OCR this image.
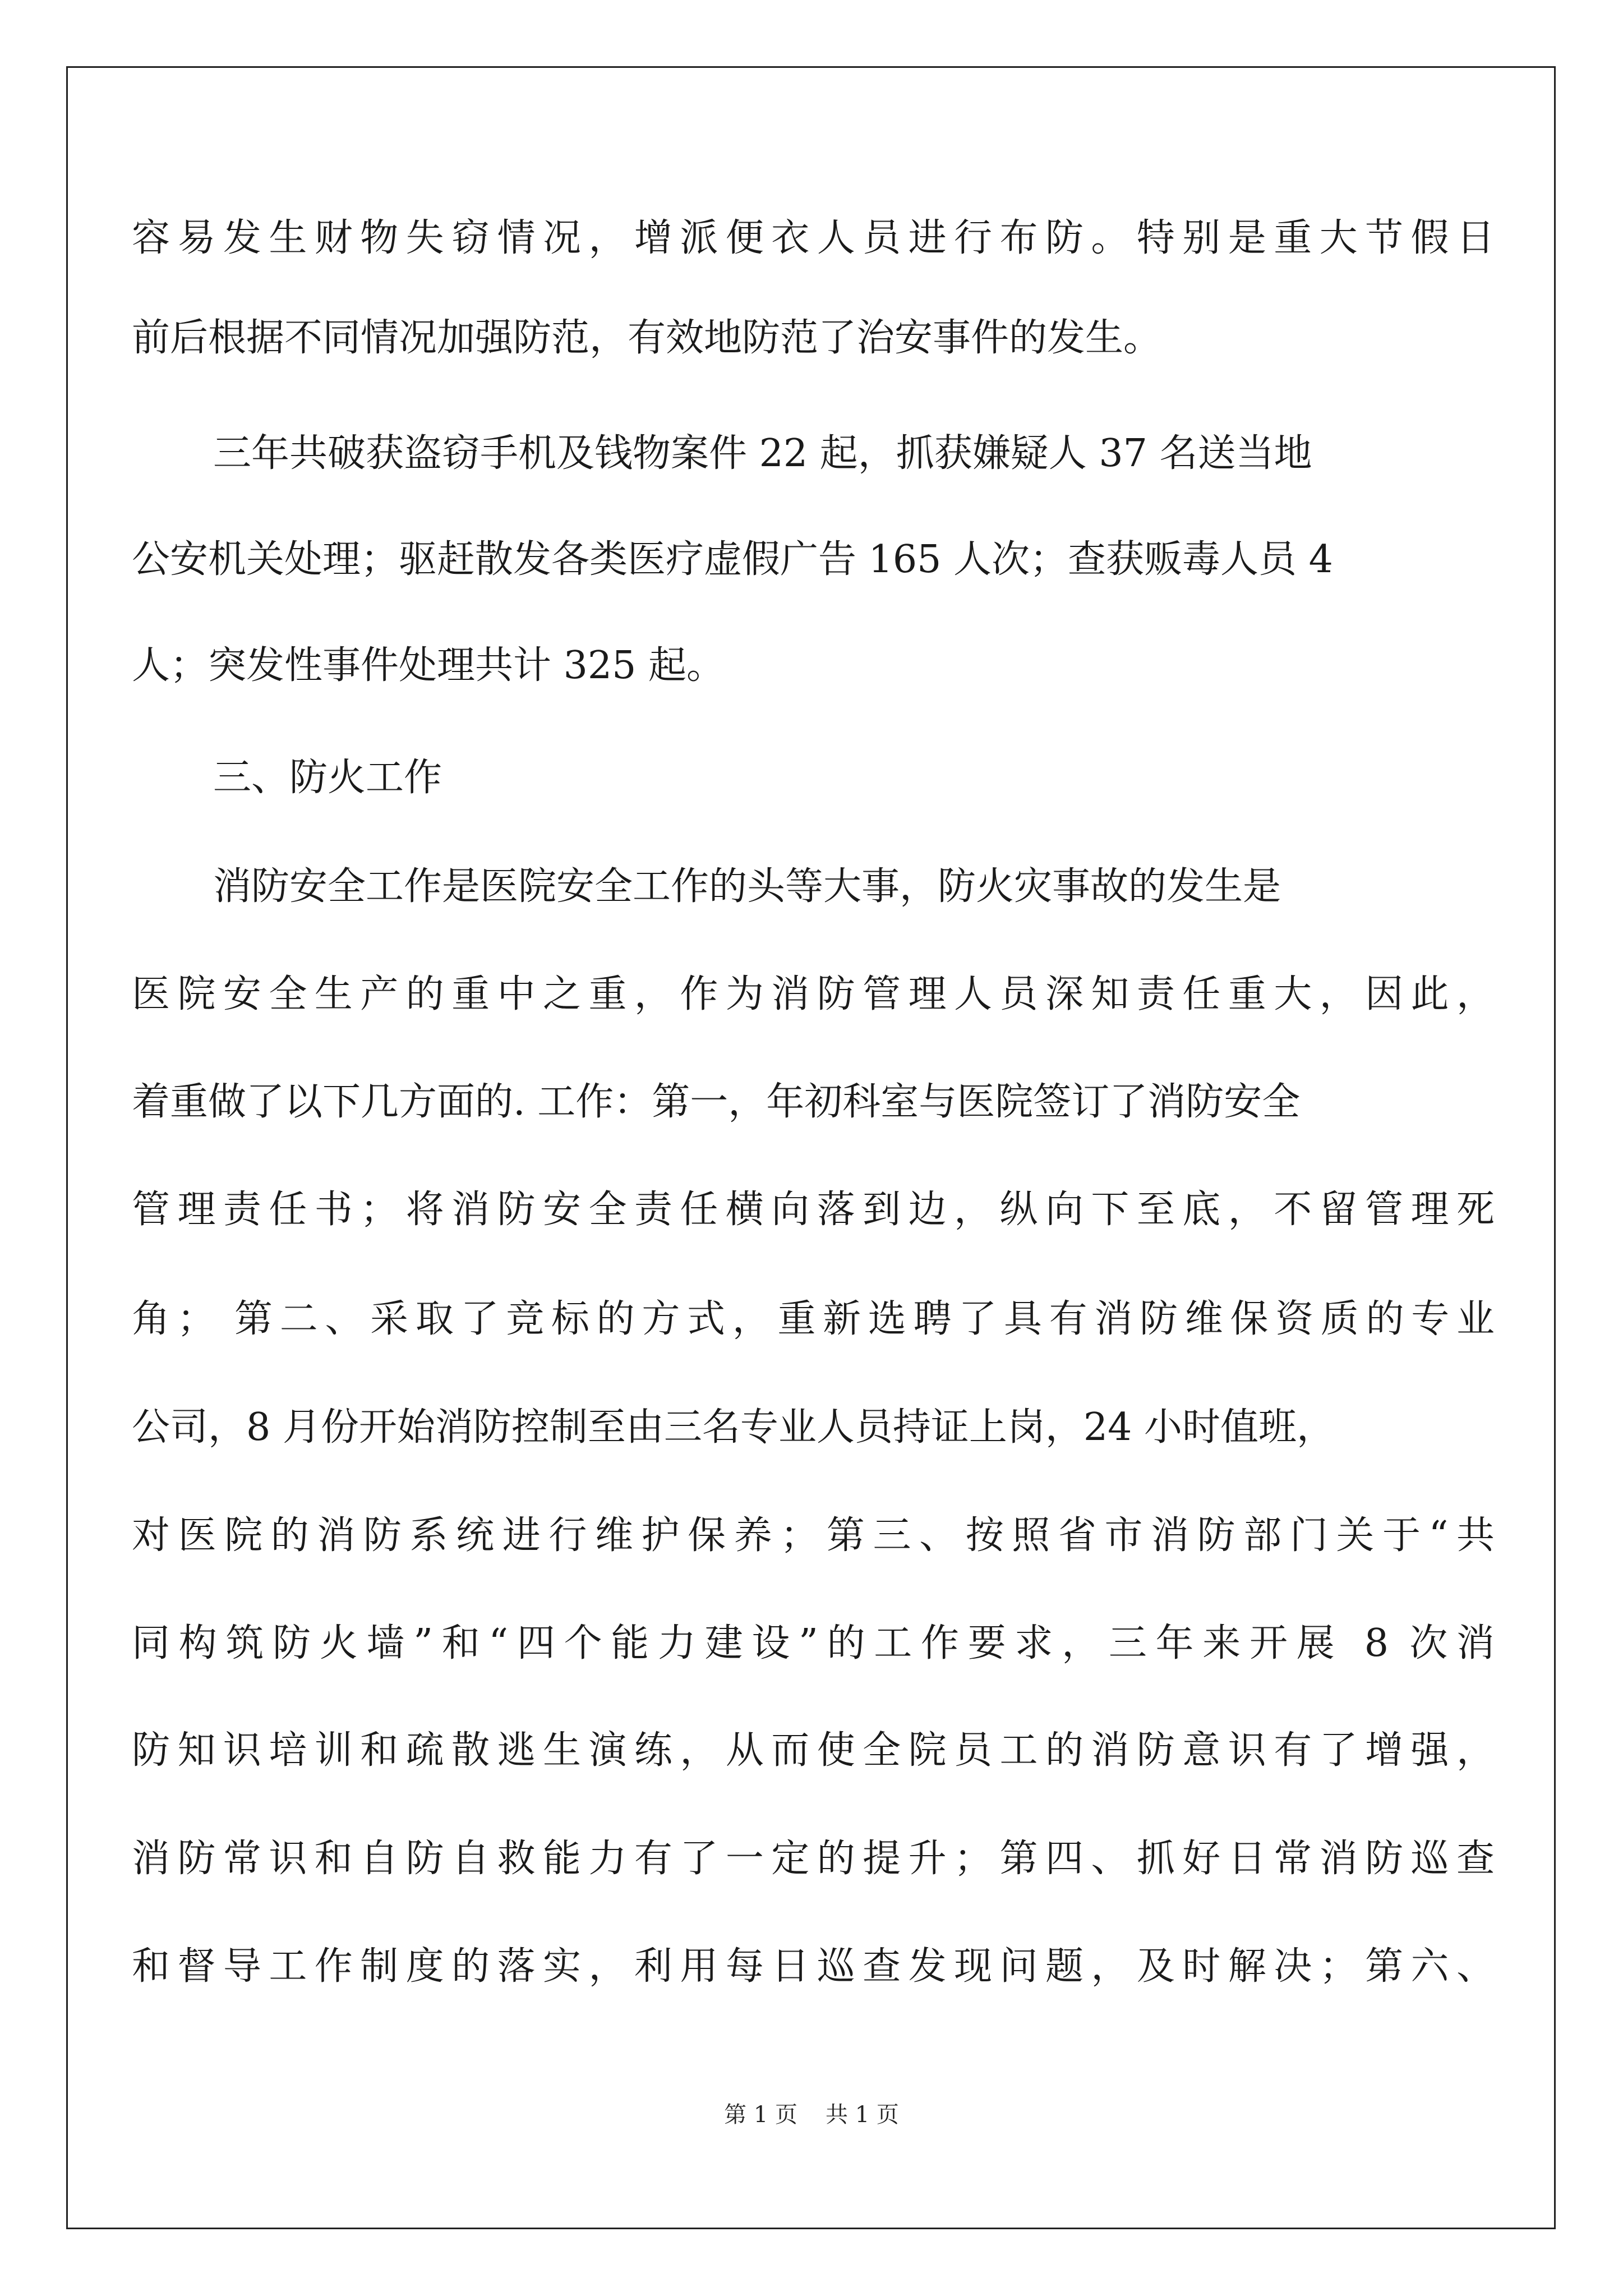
容易发生财物失窃情况，增派便衣人员进行布防。特别是重大节假日
前后根据不同情况加强防范，有效地防范了治安事件的发生。
三年共破获盗窃手机及钱物案件 22 起，抓获嫌疑人 37 名送当地
公安机关处理；驱赶散发各类医疗虚假广告 165 人次；查获贩毒人员 4
人；突发性事件处理共计 325 起。
三、防火工作
消防安全工作是医院安全工作的头等大事，防火灾事故的发生是
医院安全生产的重中之重，作为消防管理人员深知责任重大，因此，
着重做了以下几方面的. 工作：第一，年初科室与医院签订了消防安全
管理责任书；将消防安全责任横向落到边，纵向下至底，不留管理死
角； 第二、采取了竞标的方式，重新选聘了具有消防维保资质的专业
公司，8 月份开始消防控制至由三名专业人员持证上岗，24 小时值班，
对医院的消防系统进行维护保养；第三、按照省市消防部门关于“共
同构筑防火墙”和“四个能力建设”的工作要求，三年来开展 8 次消
防知识培训和疏散逃生演练，从而使全院员工的消防意识有了增强，
消防常识和自防自救能力有了一定的提升；第四、抓好日常消防巡查
和督导工作制度的落实，利用每日巡查发现问题，及时解决；第六、
第 1 页 共 1 页
